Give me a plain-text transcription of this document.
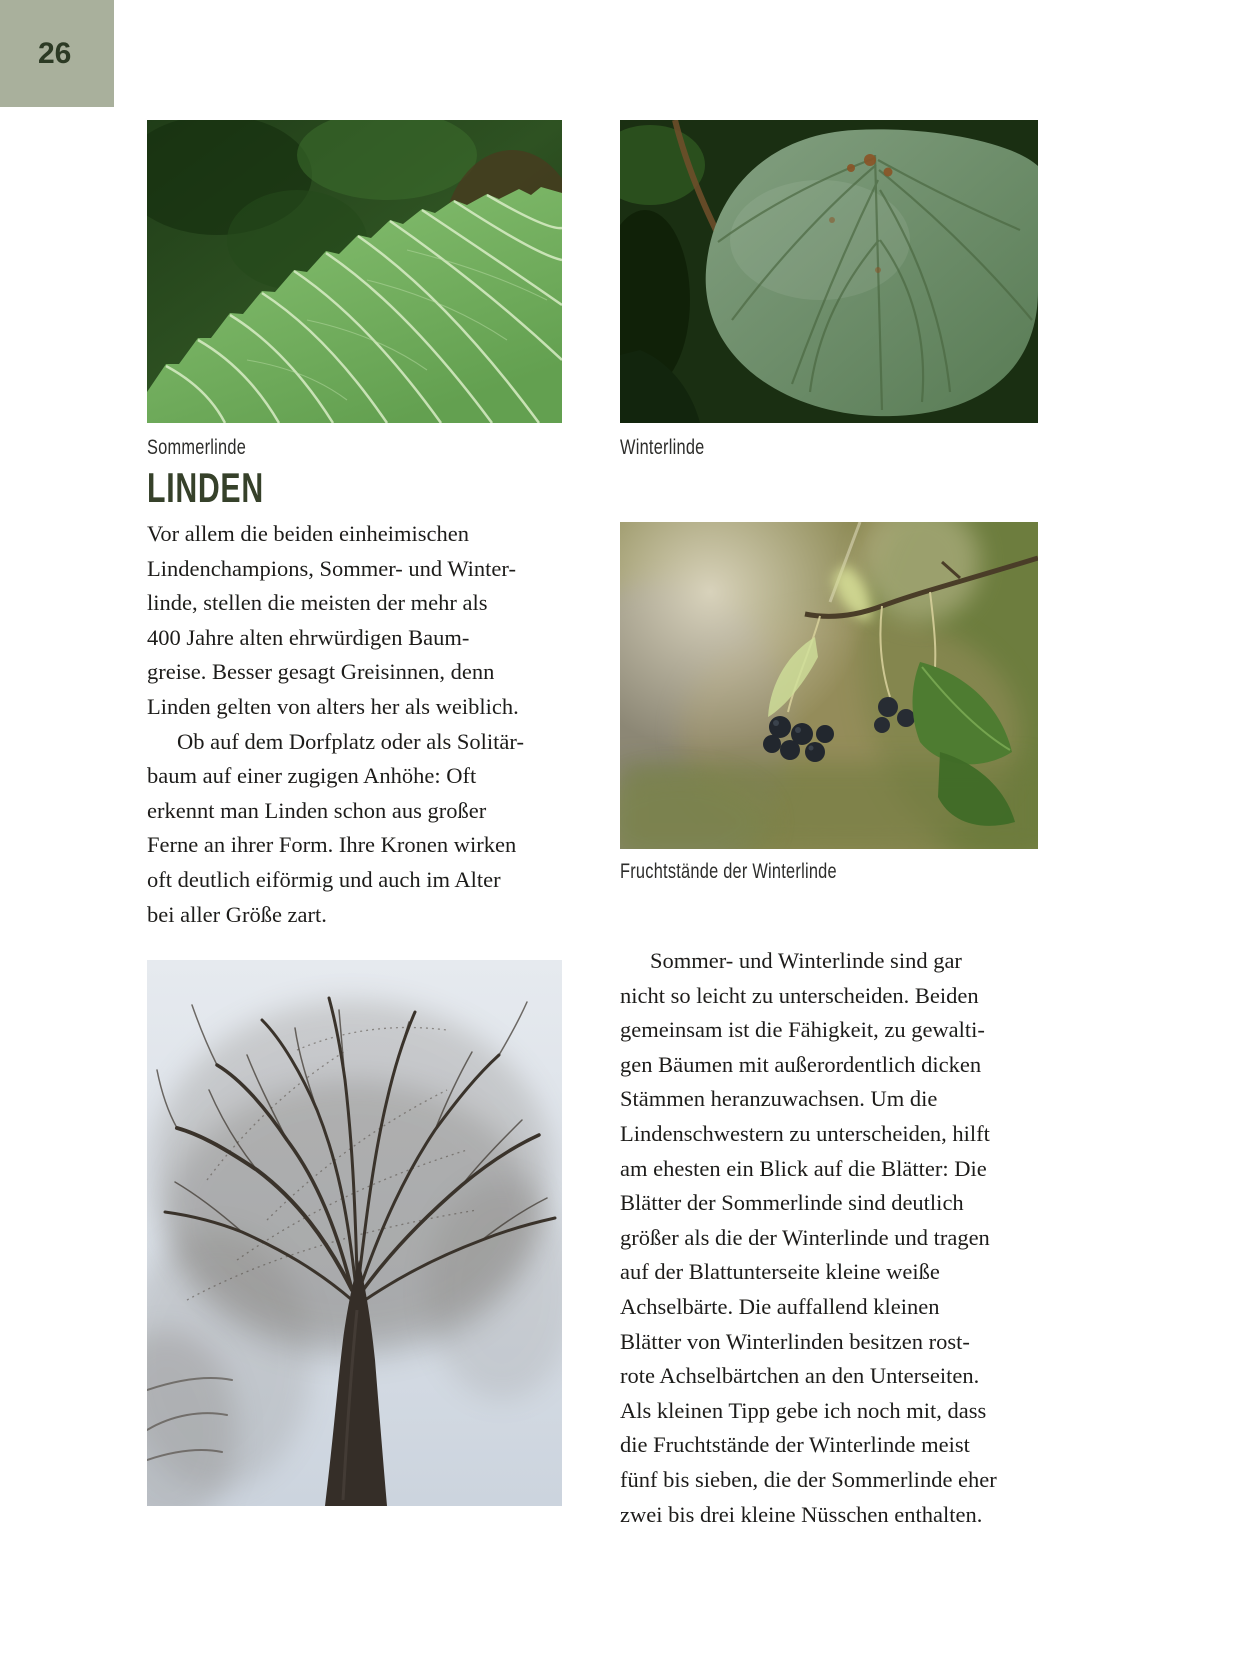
26
Sommerlinde	Winterlinde
LINDEN
Vor allem die beiden einheimischen
Lindenchampions, Sommer- und Winter-
linde, stellen die meisten der mehr als
400 Jahre alten ehrwürdigen Baum-
greise. Besser gesagt Greisinnen, denn
Linden gelten von alters her als weiblich.
Ob auf dem Dorfplatz oder als Solitär-
baum auf einer zugigen Anhöhe: Oft
erkennt man Linden schon aus großer
Ferne an ihrer Form. Ihre Kronen wirken
oft deutlich eiförmig und auch im Alter
bei aller Größe zart.
Fruchtstände der Winterlinde
Sommer- und Winterlinde sind gar
nicht so leicht zu unterscheiden. Beiden
gemeinsam ist die Fähigkeit, zu gewalti-
gen Bäumen mit außerordentlich dicken
Stämmen heranzuwachsen. Um die
Lindenschwestern zu unterscheiden, hilft
am ehesten ein Blick auf die Blätter: Die
Blätter der Sommerlinde sind deutlich
größer als die der Winterlinde und tragen
auf der Blattunterseite kleine weiße
Achselbärte. Die auffallend kleinen
Blätter von Winterlinden besitzen rost-
rote Achselbärtchen an den Unterseiten.
Als kleinen Tipp gebe ich noch mit, dass
die Fruchtstände der Winterlinde meist
fünf bis sieben, die der Sommerlinde eher
zwei bis drei kleine Nüsschen enthalten.
